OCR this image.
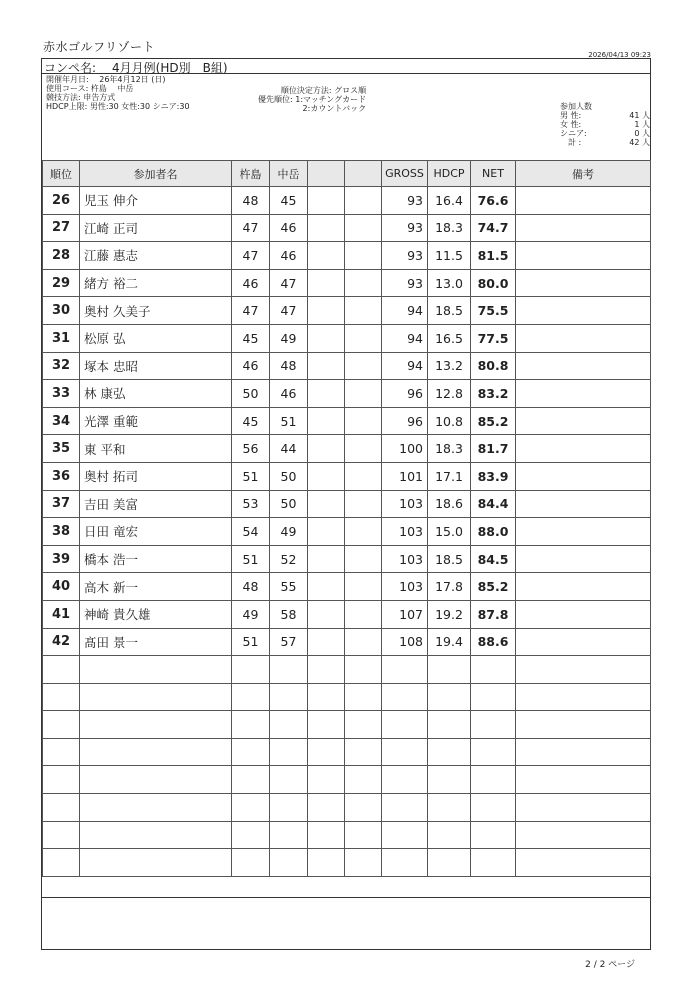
赤水ゴルフリゾート
2026/04/13 09:23
コンペ名: 4月月例(HD別　B組)
開催年月日:　 26年4月12日 (日)
使用コース: 杵島　 中岳
競技方法: 申告方式
HDCP上限: 男性:30 女性:30 シニア:30
順位決定方法: グロス順
優先順位: 1:マッチングカード
2:カウントバック	参加人数
男 性:	41 人
女 性:	1 人
シニア:	0 人
計 :	42 人
順位	参加者名	杵島	中岳			GROSS	HDCP	NET	備考
26	児玉 伸介	48	45			93	16.4	76.6	
27	江崎 正司	47	46			93	18.3	74.7	
28	江藤 惠志	47	46			93	11.5	81.5	
29	緒方 裕二	46	47			93	13.0	80.0	
30	奥村 久美子	47	47			94	18.5	75.5	
31	松原 弘	45	49			94	16.5	77.5	
32	塚本 忠昭	46	48			94	13.2	80.8	
33	林 康弘	50	46			96	12.8	83.2	
34	光澤 重範	45	51			96	10.8	85.2	
35	東 平和	56	44			100	18.3	81.7	
36	奥村 拓司	51	50			101	17.1	83.9	
37	吉田 美富	53	50			103	18.6	84.4	
38	日田 竜宏	54	49			103	15.0	88.0	
39	橋本 浩一	51	52			103	18.5	84.5	
40	高木 新一	48	55			103	17.8	85.2	
41	神崎 貴久雄	49	58			107	19.2	87.8	
42	髙田 景一	51	57			108	19.4	88.6	

2 / 2 ページ
